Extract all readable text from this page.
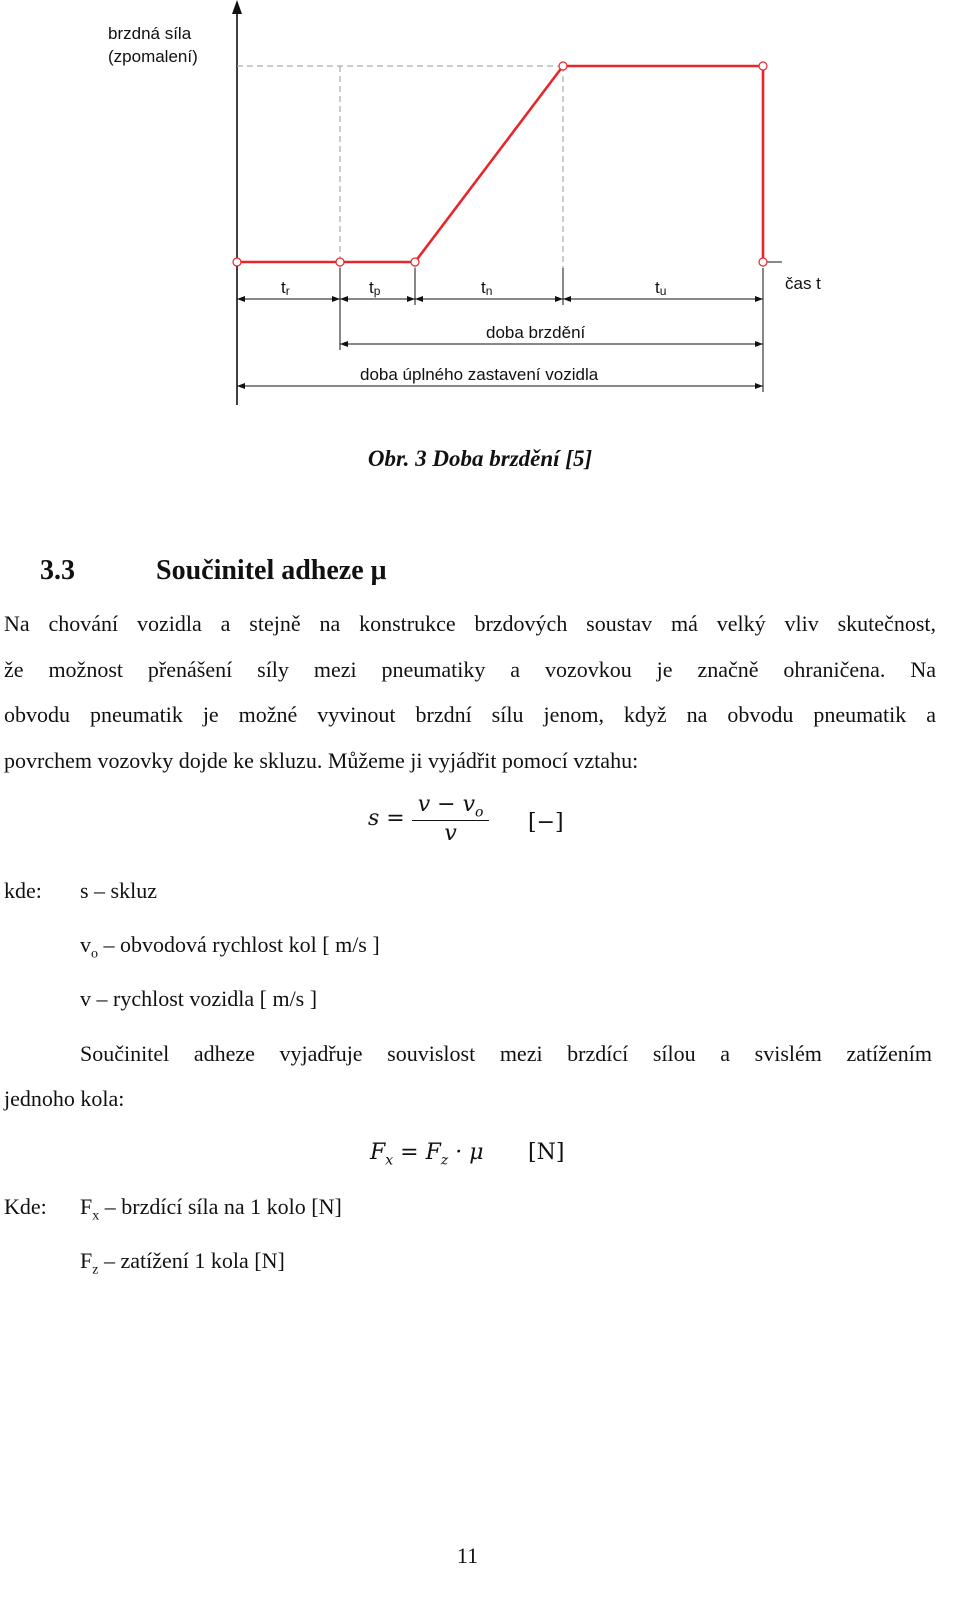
brzdná síla
(zpomalení)
čas t
tr	tp	tn	tu
doba brzdění
doba úplného zastavení vozidla
Obr. 3 Doba brzdění [5]
3.3	Součinitel adheze μ
Na chování vozidla a stejně na konstrukce brzdových soustav má velký vliv skutečnost,
že možnost přenášení síly mezi pneumatiky a vozovkou je značně ohraničena. Na
obvodu pneumatik je možné vyvinout brzdní sílu jenom, když na obvodu pneumatik a
povrchem vozovky dojde ke skluzu. Můžeme ji vyjádřit pomocí vztahu:
$s = \frac{v - v_o}{v}$ [−]
kde: s – skluz
$v_o$ – obvodová rychlost kol [ m/s ]
v – rychlost vozidla [ m/s ]
Součinitel adheze vyjadřuje souvislost mezi brzdící sílou a svislém zatížením
jednoho kola:
$F_x = F_z \cdot \mu$ [N]
Kde: $F_x$ – brzdící síla na 1 kolo [N]
$F_z$ – zatížení 1 kola [N]
11
